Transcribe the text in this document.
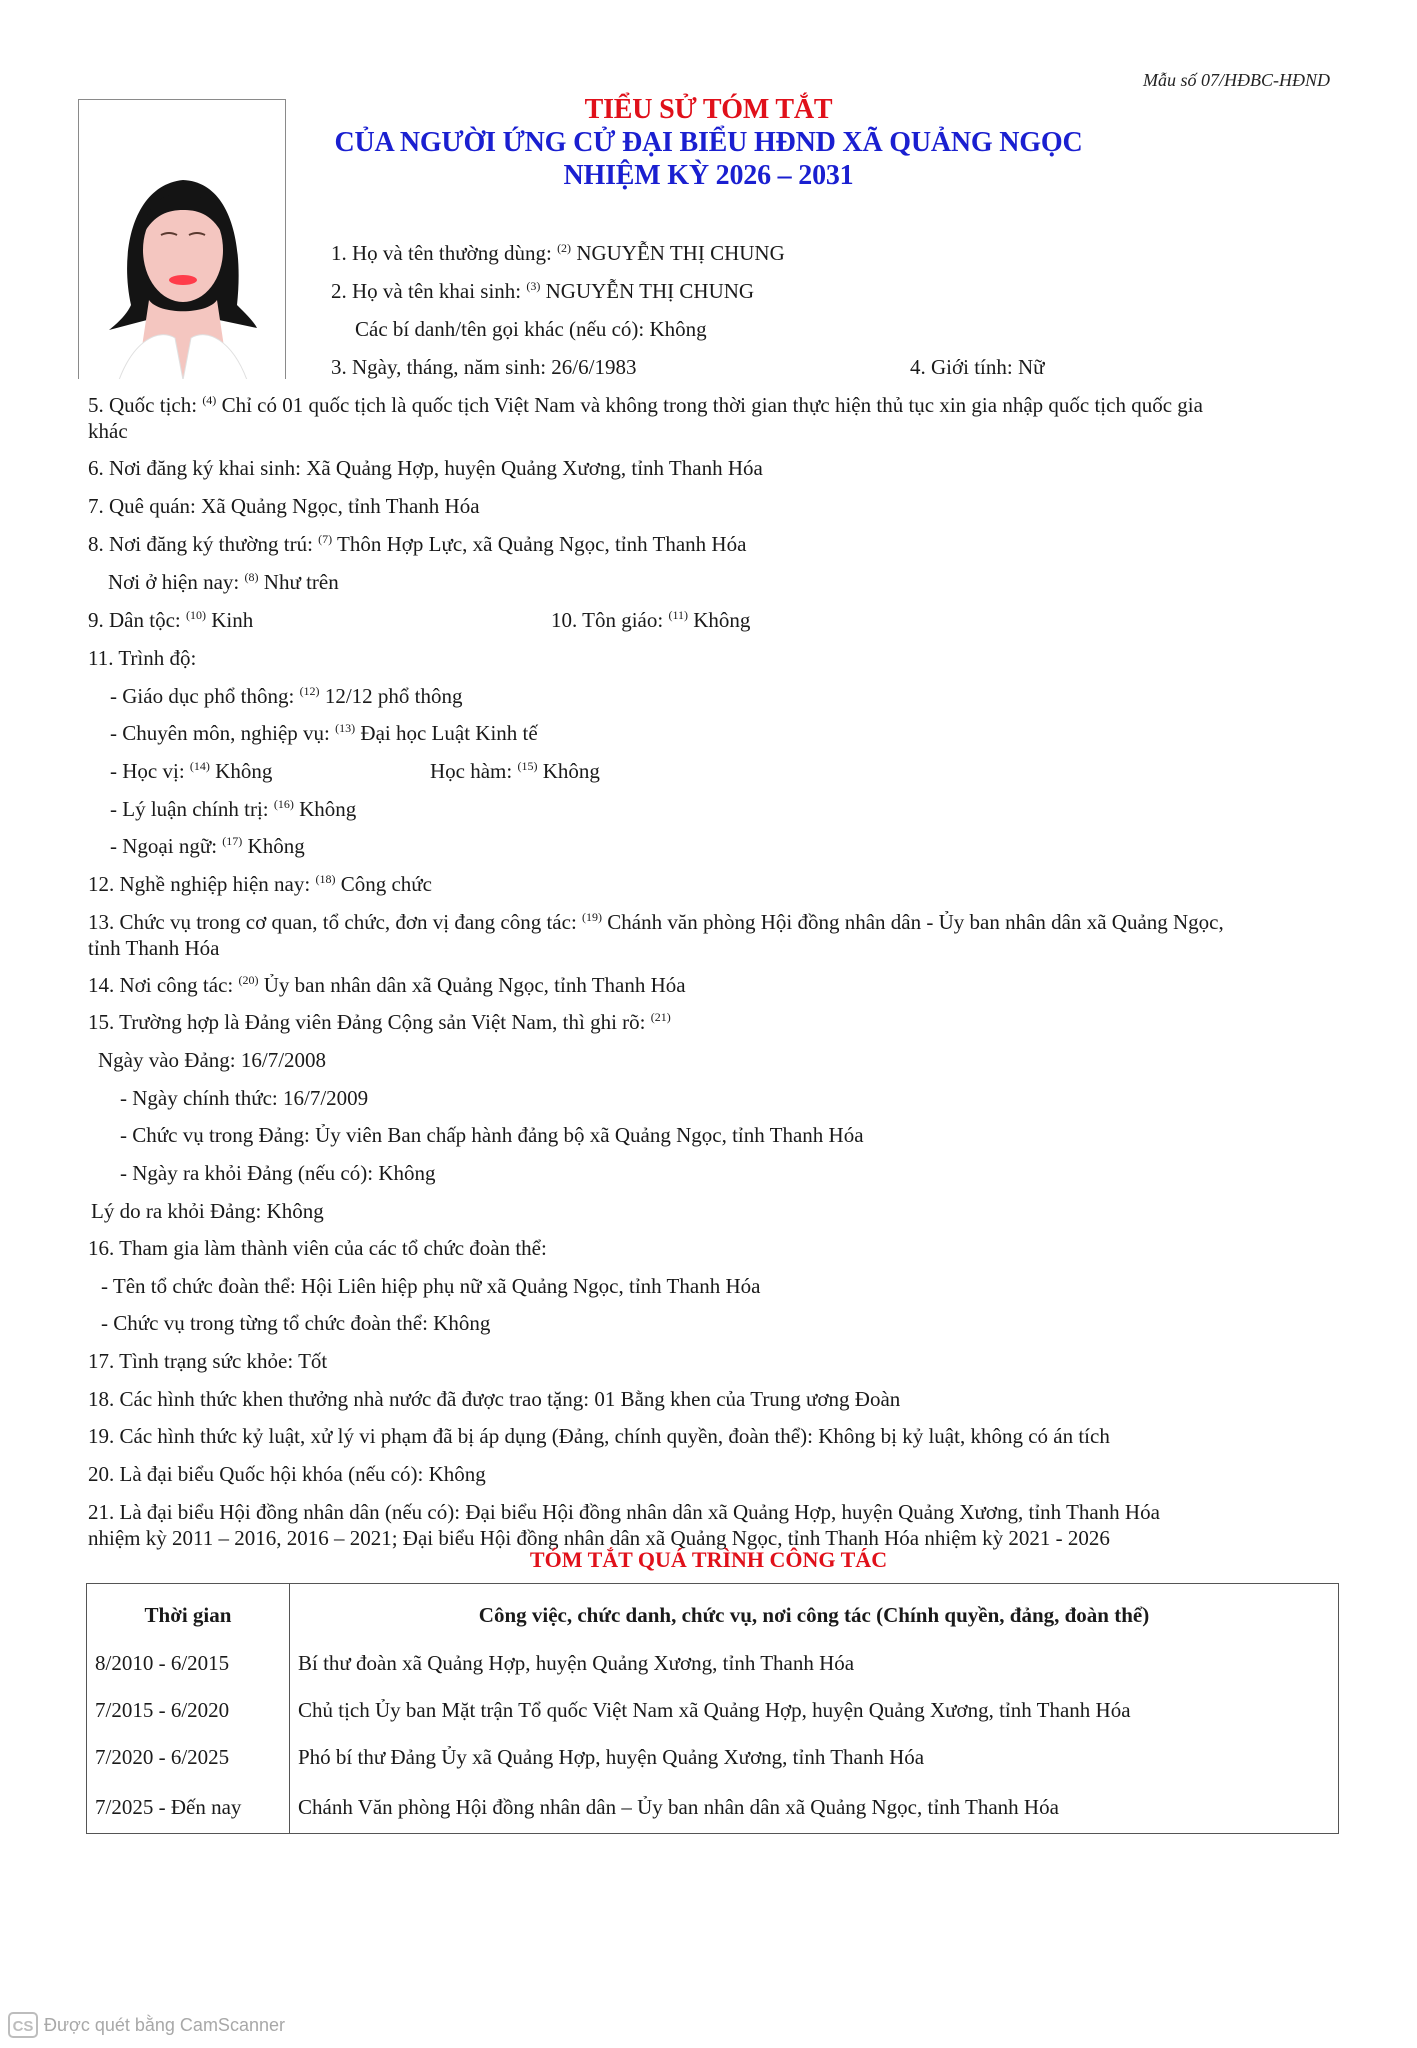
Mẫu số 07/HĐBC-HĐND
TIỂU SỬ TÓM TẮT
CỦA NGƯỜI ỨNG CỬ ĐẠI BIỂU HĐND XÃ QUẢNG NGỌC
NHIỆM KỲ 2026 – 2031
1. Họ và tên thường dùng: $^{(2)}$ NGUYỄN THỊ CHUNG
2. Họ và tên khai sinh: $^{(3)}$ NGUYỄN THỊ CHUNG
Các bí danh/tên gọi khác (nếu có): Không
3. Ngày, tháng, năm sinh: 26/6/1983	4. Giới tính: Nữ
5. Quốc tịch: $^{(4)}$ Chỉ có 01 quốc tịch là quốc tịch Việt Nam và không trong thời gian thực hiện thủ tục xin gia nhập quốc tịch quốc gia
khác
6. Nơi đăng ký khai sinh: Xã Quảng Hợp, huyện Quảng Xương, tỉnh Thanh Hóa
7. Quê quán: Xã Quảng Ngọc, tỉnh Thanh Hóa
8. Nơi đăng ký thường trú: $^{(7)}$ Thôn Hợp Lực, xã Quảng Ngọc, tỉnh Thanh Hóa
Nơi ở hiện nay: $^{(8)}$ Như trên
9. Dân tộc: $^{(10)}$ Kinh	10. Tôn giáo: $^{(11)}$ Không
11. Trình độ:
- Giáo dục phổ thông: $^{(12)}$ 12/12 phổ thông
- Chuyên môn, nghiệp vụ: $^{(13)}$ Đại học Luật Kinh tế
- Học vị: $^{(14)}$ Không	Học hàm: $^{(15)}$ Không
- Lý luận chính trị: $^{(16)}$ Không
- Ngoại ngữ: $^{(17)}$ Không
12. Nghề nghiệp hiện nay: $^{(18)}$ Công chức
13. Chức vụ trong cơ quan, tổ chức, đơn vị đang công tác: $^{(19)}$ Chánh văn phòng Hội đồng nhân dân - Ủy ban nhân dân xã Quảng Ngọc,
tỉnh Thanh Hóa
14. Nơi công tác: $^{(20)}$ Ủy ban nhân dân xã Quảng Ngọc, tỉnh Thanh Hóa
15. Trường hợp là Đảng viên Đảng Cộng sản Việt Nam, thì ghi rõ: $^{(21)}$
Ngày vào Đảng: 16/7/2008
- Ngày chính thức: 16/7/2009
- Chức vụ trong Đảng: Ủy viên Ban chấp hành đảng bộ xã Quảng Ngọc, tỉnh Thanh Hóa
- Ngày ra khỏi Đảng (nếu có): Không
Lý do ra khỏi Đảng: Không
16. Tham gia làm thành viên của các tổ chức đoàn thể:
- Tên tổ chức đoàn thể: Hội Liên hiệp phụ nữ xã Quảng Ngọc, tỉnh Thanh Hóa
- Chức vụ trong từng tổ chức đoàn thể: Không
17. Tình trạng sức khỏe: Tốt
18. Các hình thức khen thưởng nhà nước đã được trao tặng: 01 Bằng khen của Trung ương Đoàn
19. Các hình thức kỷ luật, xử lý vi phạm đã bị áp dụng (Đảng, chính quyền, đoàn thể): Không bị kỷ luật, không có án tích
20. Là đại biểu Quốc hội khóa (nếu có): Không
21. Là đại biểu Hội đồng nhân dân (nếu có): Đại biểu Hội đồng nhân dân xã Quảng Hợp, huyện Quảng Xương, tỉnh Thanh Hóa
nhiệm kỳ 2011 – 2016, 2016 – 2021; Đại biểu Hội đồng nhân dân xã Quảng Ngọc, tỉnh Thanh Hóa nhiệm kỳ 2021 - 2026
TÓM TẮT QUÁ TRÌNH CÔNG TÁC
Thời gian	Công việc, chức danh, chức vụ, nơi công tác (Chính quyền, đảng, đoàn thể)
8/2010 - 6/2015	Bí thư đoàn xã Quảng Hợp, huyện Quảng Xương, tỉnh Thanh Hóa
7/2015 - 6/2020	Chủ tịch Ủy ban Mặt trận Tổ quốc Việt Nam xã Quảng Hợp, huyện Quảng Xương, tỉnh Thanh Hóa
7/2020 - 6/2025	Phó bí thư Đảng Ủy xã Quảng Hợp, huyện Quảng Xương, tỉnh Thanh Hóa
7/2025 - Đến nay	Chánh Văn phòng Hội đồng nhân dân – Ủy ban nhân dân xã Quảng Ngọc, tỉnh Thanh Hóa
CS Được quét bằng CamScanner
